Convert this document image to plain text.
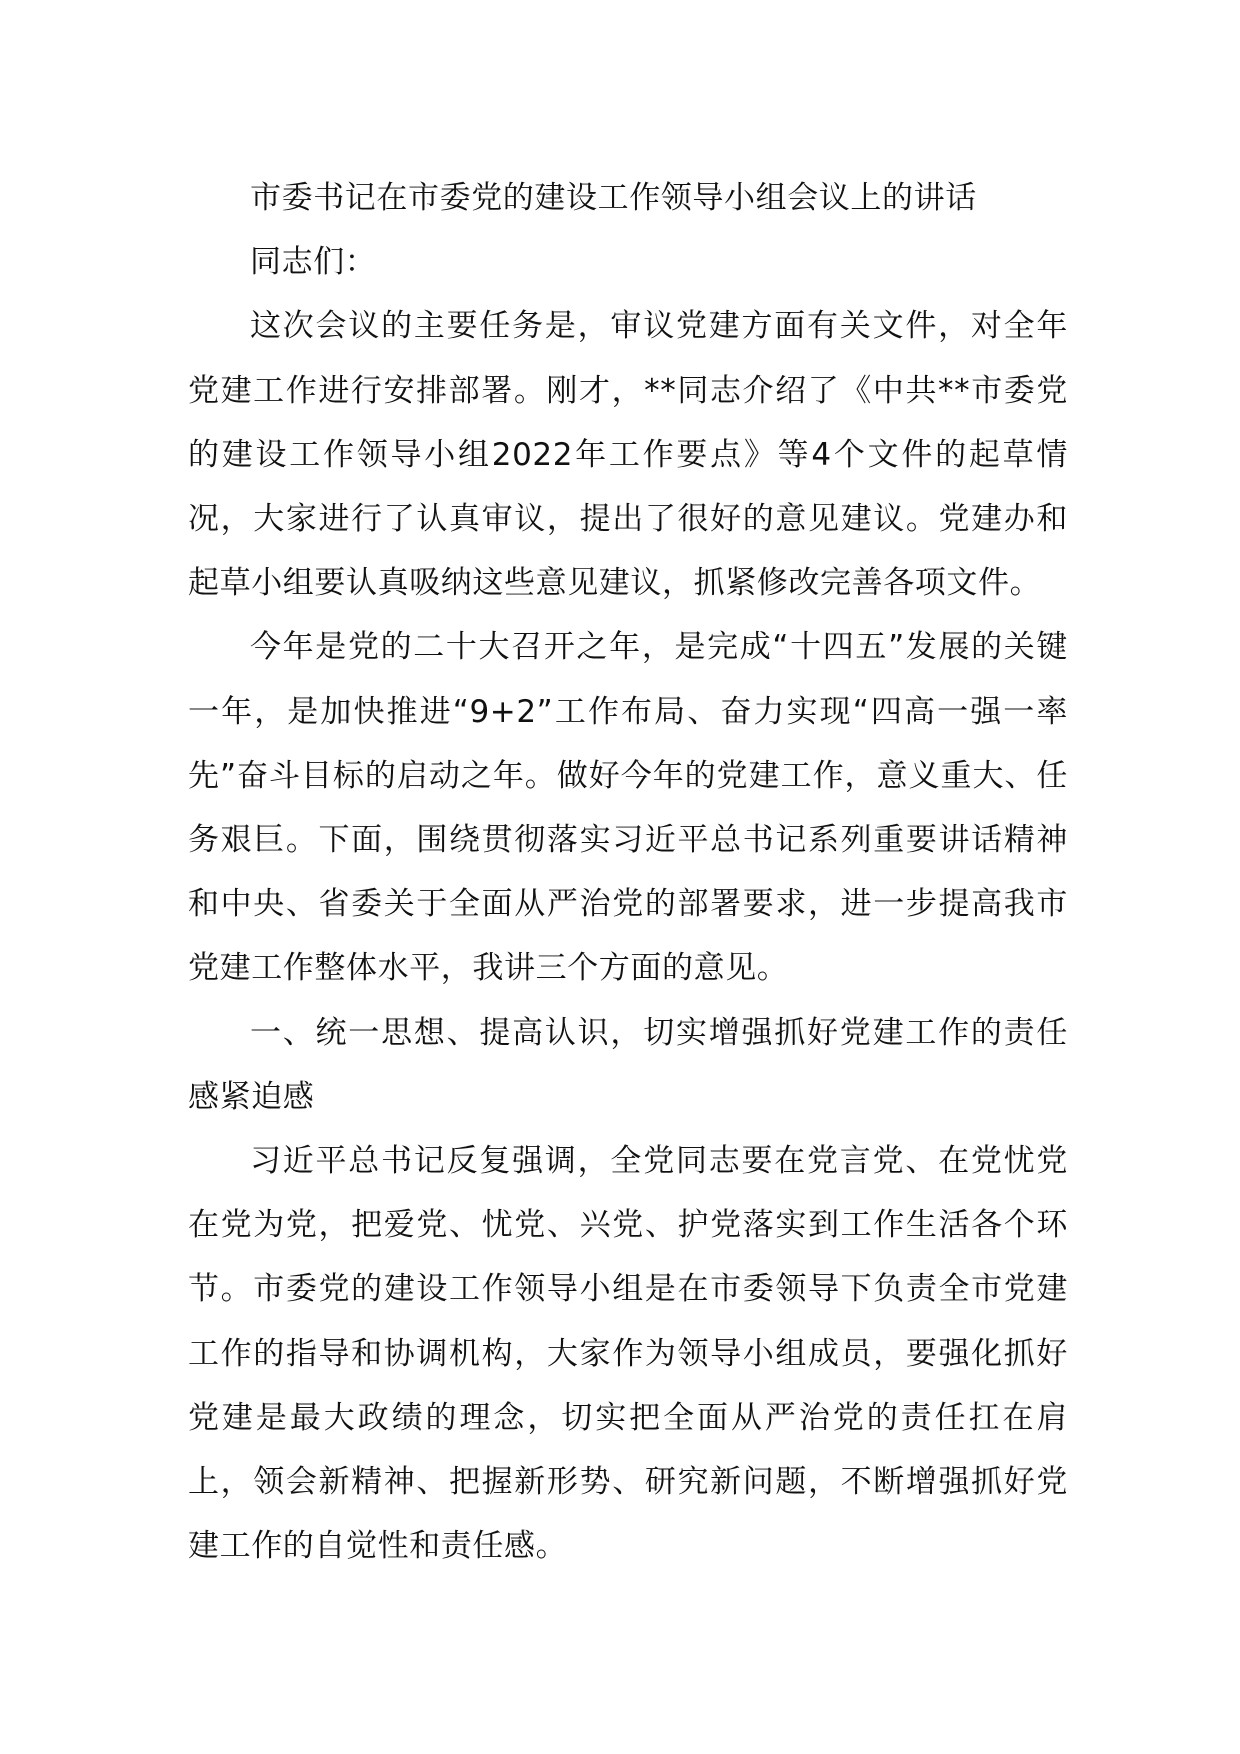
市委书记在市委党的建设工作领导小组会议上的讲话

同志们：

这次会议的主要任务是，审议党建方面有关文件，对全年党建工作进行安排部署。刚才，**同志介绍了《中共**市委党的建设工作领导小组2022年工作要点》等4个文件的起草情况，大家进行了认真审议，提出了很好的意见建议。党建办和起草小组要认真吸纳这些意见建议，抓紧修改完善各项文件。

今年是党的二十大召开之年，是完成“十四五”发展的关键一年，是加快推进“9+2”工作布局、奋力实现“四高一强一率先”奋斗目标的启动之年。做好今年的党建工作，意义重大、任务艰巨。下面，围绕贯彻落实习近平总书记系列重要讲话精神和中央、省委关于全面从严治党的部署要求，进一步提高我市党建工作整体水平，我讲三个方面的意见。

一、统一思想、提高认识，切实增强抓好党建工作的责任感紧迫感

习近平总书记反复强调，全党同志要在党言党、在党忧党在党为党，把爱党、忧党、兴党、护党落实到工作生活各个环节。市委党的建设工作领导小组是在市委领导下负责全市党建工作的指导和协调机构，大家作为领导小组成员，要强化抓好党建是最大政绩的理念，切实把全面从严治党的责任扛在肩上，领会新精神、把握新形势、研究新问题，不断增强抓好党建工作的自觉性和责任感。
